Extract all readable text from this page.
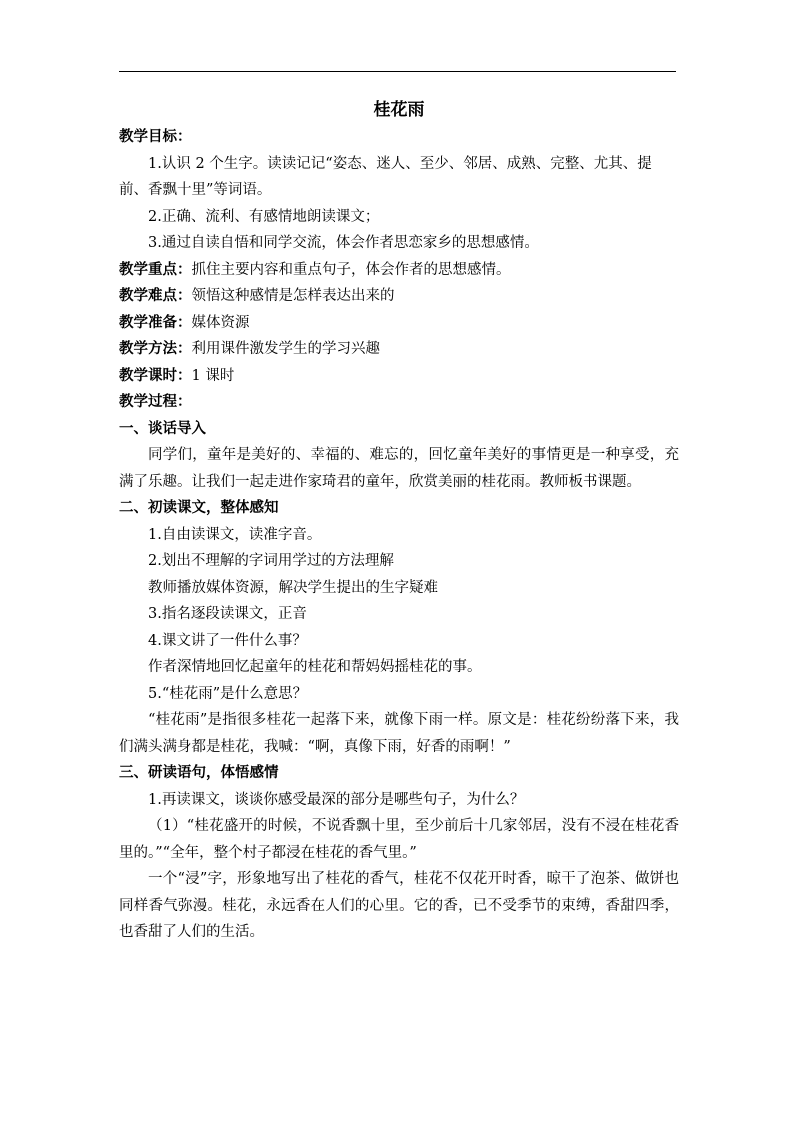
桂花雨

教学目标：

1.认识 2 个生字。读读记记“姿态、迷人、至少、邻居、成熟、完整、尤其、提前、香飘十里”等词语。

2.正确、流利、有感情地朗读课文；

3.通过自读自悟和同学交流，体会作者思恋家乡的思想感情。

教学重点：抓住主要内容和重点句子，体会作者的思想感情。

教学难点：领悟这种感情是怎样表达出来的

教学准备：媒体资源

教学方法：利用课件激发学生的学习兴趣

教学课时：1 课时

教学过程：

一、谈话导入

同学们，童年是美好的、幸福的、难忘的，回忆童年美好的事情更是一种享受，充满了乐趣。让我们一起走进作家琦君的童年，欣赏美丽的桂花雨。教师板书课题。

二、初读课文，整体感知

1.自由读课文，读准字音。

2.划出不理解的字词用学过的方法理解

教师播放媒体资源，解决学生提出的生字疑难

3.指名逐段读课文，正音

4.课文讲了一件什么事？

作者深情地回忆起童年的桂花和帮妈妈摇桂花的事。

5.“桂花雨”是什么意思？

“桂花雨”是指很多桂花一起落下来，就像下雨一样。原文是：桂花纷纷落下来，我们满头满身都是桂花，我喊：“啊，真像下雨，好香的雨啊！”

三、研读语句，体悟感情

1.再读课文，谈谈你感受最深的部分是哪些句子，为什么？

（1）“桂花盛开的时候，不说香飘十里，至少前后十几家邻居，没有不浸在桂花香里的。”“全年，整个村子都浸在桂花的香气里。”

一个“浸”字，形象地写出了桂花的香气，桂花不仅花开时香，晾干了泡茶、做饼也同样香气弥漫。桂花，永远香在人们的心里。它的香，已不受季节的束缚，香甜四季，也香甜了人们的生活。
